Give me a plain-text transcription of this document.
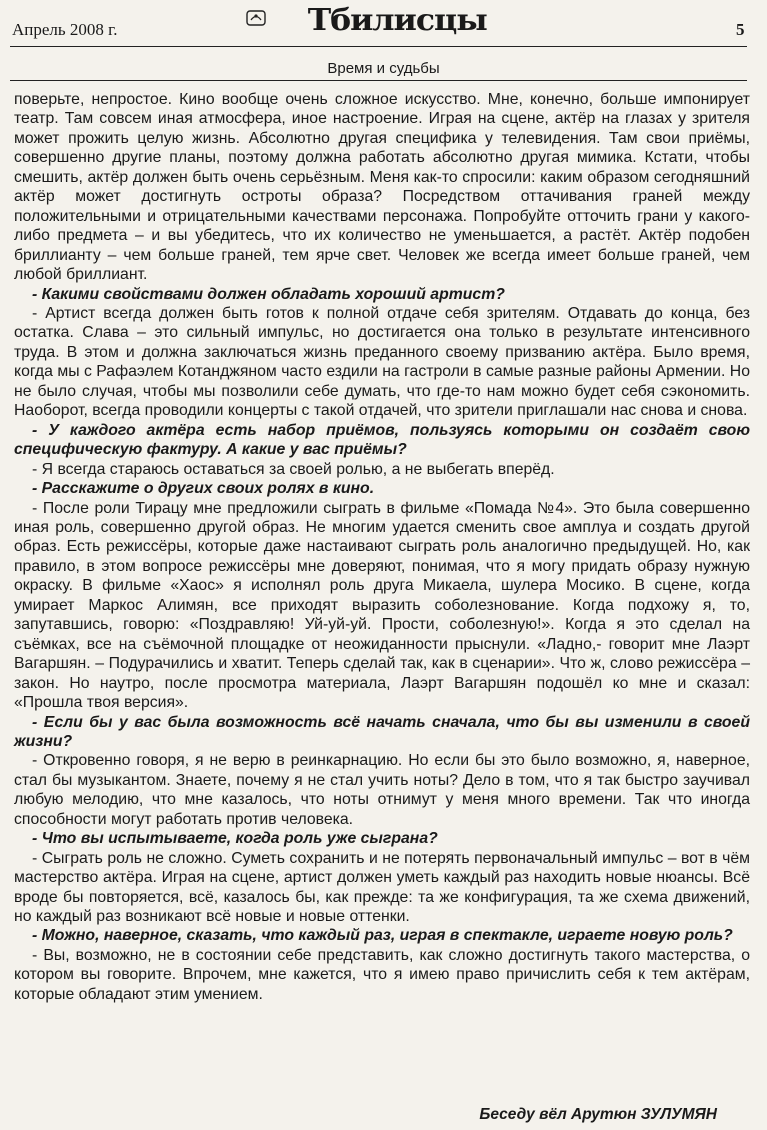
Апрель 2008 г.	Тбилисцы	5
Время и судьбы

поверьте, непростое. Кино вообще очень сложное искусство. Мне, конечно, больше импонирует театр. Там совсем иная атмосфера, иное настроение. Играя на сцене, актёр на глазах у зрителя может прожить целую жизнь. Абсолютно другая специфика у телевидения. Там свои приёмы, совершенно другие планы, поэтому должна работать абсолютно другая мимика. Кстати, чтобы смешить, актёр должен быть очень серьёзным. Меня как-то спросили: каким образом сегодняшний актёр может достигнуть остроты образа? Посредством оттачивания граней между положительными и отрицательными качествами персонажа. Попробуйте отточить грани у какого-либо предмета – и вы убедитесь, что их количество не уменьшается, а растёт. Актёр подобен бриллианту – чем больше граней, тем ярче свет. Человек же всегда имеет больше граней, чем любой бриллиант.

- Какими свойствами должен обладать хороший артист?

- Артист всегда должен быть готов к полной отдаче себя зрителям. Отдавать до конца, без остатка. Слава – это сильный импульс, но достигается она только в результате интенсивного труда. В этом и должна заключаться жизнь преданного своему призванию актёра. Было время, когда мы с Рафаэлем Котанджяном часто ездили на гастроли в самые разные районы Армении. Но не было случая, чтобы мы позволили себе думать, что где-то нам можно будет себя сэкономить. Наоборот, всегда проводили концерты с такой отдачей, что зрители приглашали нас снова и снова.

- У каждого актёра есть набор приёмов, пользуясь которыми он создаёт свою специфическую фактуру. А какие у вас приёмы?

- Я всегда стараюсь оставаться за своей ролью, а не выбегать вперёд.

- Расскажите о других своих ролях в кино.

- После роли Тирацу мне предложили сыграть в фильме «Помада №4». Это была совершенно иная роль, совершенно другой образ. Не многим удается сменить свое амплуа и создать другой образ. Есть режиссёры, которые даже настаивают сыграть роль аналогично предыдущей. Но, как правило, в этом вопросе режиссёры мне доверяют, понимая, что я могу придать образу нужную окраску. В фильме «Хаос» я исполнял роль друга Микаела, шулера Мосико. В сцене, когда умирает Маркос Алимян, все приходят выразить соболезнование. Когда подхожу я, то, запутавшись, говорю: «Поздравляю! Уй-уй-уй. Прости, соболезную!». Когда я это сделал на съёмках, все на съёмочной площадке от неожиданности прыснули. «Ладно,- говорит мне Лаэрт Вагаршян. – Подурачились и хватит. Теперь сделай так, как в сценарии». Что ж, слово режиссёра – закон. Но наутро, после просмотра материала, Лаэрт Вагаршян подошёл ко мне и сказал: «Прошла твоя версия».

- Если бы у вас была возможность всё начать сначала, что бы вы изменили в своей жизни?

- Откровенно говоря, я не верю в реинкарнацию. Но если бы это было возможно, я, наверное, стал бы музыкантом. Знаете, почему я не стал учить ноты? Дело в том, что я так быстро заучивал любую мелодию, что мне казалось, что ноты отнимут у меня много времени. Так что иногда способности могут работать против человека.

- Что вы испытываете, когда роль уже сыграна?

- Сыграть роль не сложно. Суметь сохранить и не потерять первоначальный импульс – вот в чём мастерство актёра. Играя на сцене, артист должен уметь каждый раз находить новые нюансы. Всё вроде бы повторяется, всё, казалось бы, как прежде: та же конфигурация, та же схема движений, но каждый раз возникают всё новые и новые оттенки.

- Можно, наверное, сказать, что каждый раз, играя в спектакле, играете новую роль?

- Вы, возможно, не в состоянии себе представить, как сложно достигнуть такого мастерства, о котором вы говорите. Впрочем, мне кажется, что я имею право причислить себя к тем актёрам, которые обладают этим умением.

Беседу вёл Арутюн ЗУЛУМЯН
